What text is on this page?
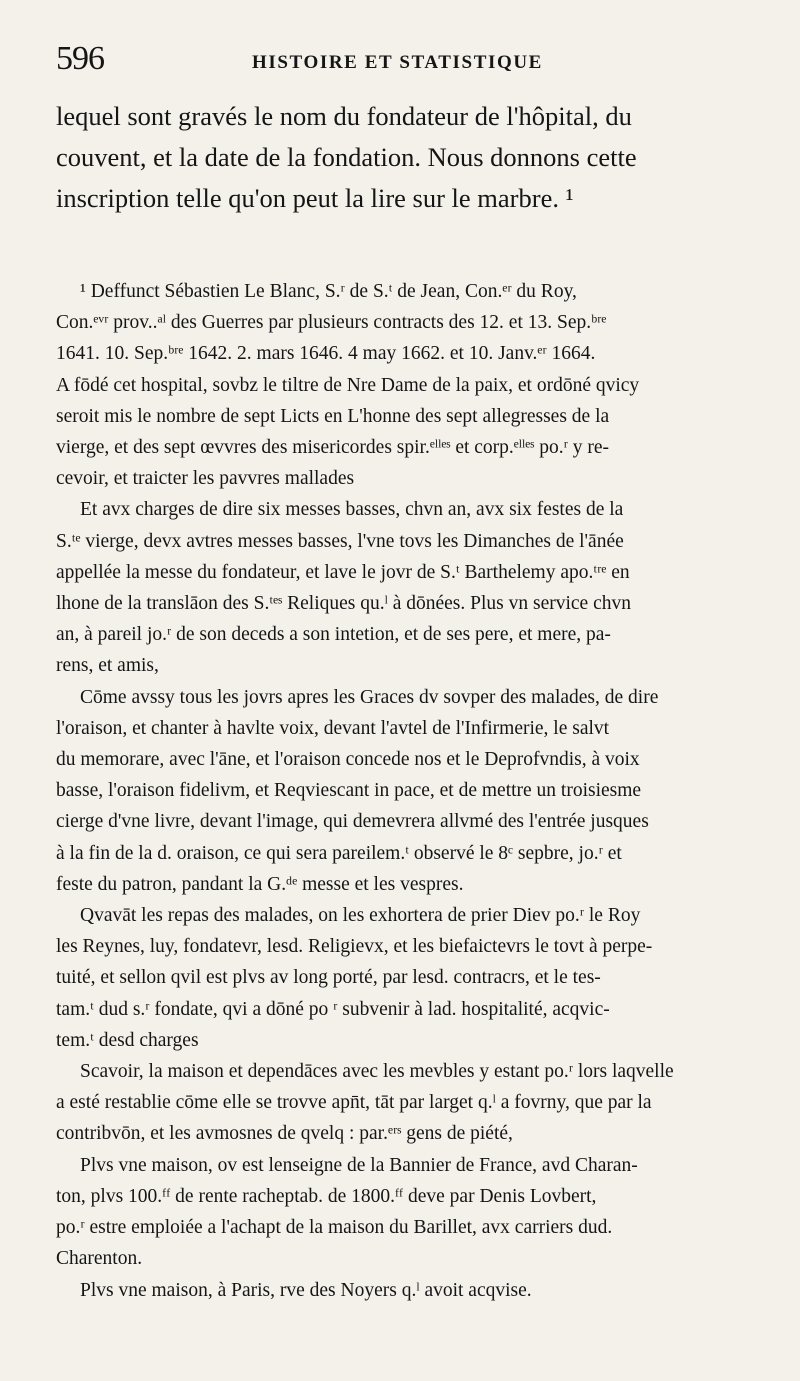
596	HISTOIRE ET STATISTIQUE
lequel sont gravés le nom du fondateur de l'hôpital, du
couvent, et la date de la fondation. Nous donnons cette
inscription telle qu'on peut la lire sur le marbre. ¹
¹ Deffunct Sébastien Le Blanc, S.ʳ de S.ᵗ de Jean, Con.ᵉʳ du Roy,
Con.ᵉᵛʳ prov..ᵃˡ des Guerres par plusieurs contracts des 12. et 13. Sep.ᵇʳᵉ
1641. 10. Sep.ᵇʳᵉ 1642. 2. mars 1646. 4 may 1662. et 10. Janv.ᵉʳ 1664.
A fōdé cet hospital, sovbz le tiltre de Nre Dame de la paix, et ordōné qvicy
seroit mis le nombre de sept Licts en L'honne des sept allegresses de la
vierge, et des sept œvvres des misericordes spir.ᵉˡˡᵉˢ et corp.ᵉˡˡᵉˢ po.ʳ y re-
cevoir, et traicter les pavvres mallades
Et avx charges de dire six messes basses, chvn an, avx six festes de la
S.ᵗᵉ vierge, devx avtres messes basses, l'vne tovs les Dimanches de l'ānée
appellée la messe du fondateur, et lave le jovr de S.ᵗ Barthelemy apo.ᵗʳᵉ en
lhone de la translāon des S.ᵗᵉˢ Reliques qu.ˡ à dōnées. Plus vn service chvn
an, à pareil jo.ʳ de son deceds a son intetion, et de ses pere, et mere, pa-
rens, et amis,
Cōme avssy tous les jovrs apres les Graces dv sovper des malades, de dire
l'oraison, et chanter à havlte voix, devant l'avtel de l'Infirmerie, le salvt
du memorare, avec l'āne, et l'oraison concede nos et le Deprofvndis, à voix
basse, l'oraison fidelivm, et Reqviescant in pace, et de mettre un troisiesme
cierge d'vne livre, devant l'image, qui demevrera allvmé des l'entrée jusques
à la fin de la d. oraison, ce qui sera pareilem.ᵗ observé le 8ᶜ sepbre, jo.ʳ et
feste du patron, pandant la G.ᵈᵉ messe et les vespres.
Qvavāt les repas des malades, on les exhortera de prier Diev po.ʳ le Roy
les Reynes, luy, fondatevr, lesd. Religievx, et les biefaictevrs le tovt à perpe-
tuité, et sellon qvil est plvs av long porté, par lesd. contracrs, et le tes-
tam.ᵗ dud s.ʳ fondate, qvi a dōné po ʳ subvenir à lad. hospitalité, acqvic-
tem.ᵗ desd charges
Scavoir, la maison et dependāces avec les mevbles y estant po.ʳ lors laqvelle
a esté restablie cōme elle se trovve apn̄t, tāt par larget q.ˡ a fovrny, que par la
contribvōn, et les avmosnes de qvelq : par.ᵉʳˢ gens de piété,
Plvs vne maison, ov est lenseigne de la Bannier de France, avd Charan-
ton, plvs 100.ᶠᶠ de rente racheptab. de 1800.ᶠᶠ deve par Denis Lovbert,
po.ʳ estre emploiée a l'achapt de la maison du Barillet, avx carriers dud.
Charenton.
Plvs vne maison, à Paris, rve des Noyers q.ˡ avoit acqvise.
